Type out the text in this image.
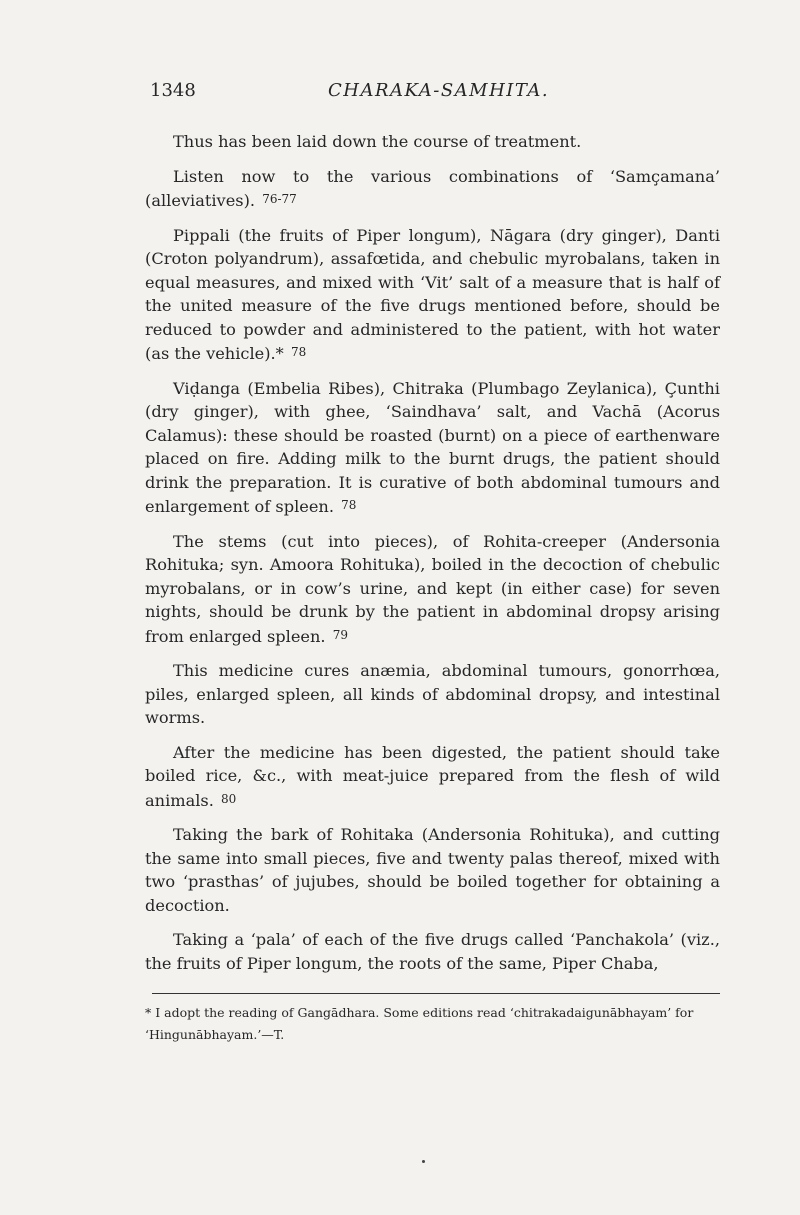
1348	CHARAKA-SAMHITA.

Thus has been laid down the course of treatment.

Listen now to the various combinations of ‘Samçamana’ (alleviatives). 76-77

Pippali (the fruits of Piper longum), Nāgara (dry ginger), Danti (Croton polyandrum), assafœtida, and chebulic myrobalans, taken in equal measures, and mixed with ‘Vit’ salt of a measure that is half of the united measure of the five drugs mentioned before, should be reduced to powder and administered to the patient, with hot water (as the vehicle).* 78

Viḍanga (Embelia Ribes), Chitraka (Plumbago Zeylanica), Çunthi (dry ginger), with ghee, ‘Saindhava’ salt, and Vachā (Acorus Calamus): these should be roasted (burnt) on a piece of earthenware placed on fire. Adding milk to the burnt drugs, the patient should drink the preparation. It is curative of both abdominal tumours and enlargement of spleen. 78

The stems (cut into pieces), of Rohita-creeper (Andersonia Rohituka; syn. Amoora Rohituka), boiled in the decoction of chebulic myrobalans, or in cow’s urine, and kept (in either case) for seven nights, should be drunk by the patient in abdominal dropsy arising from enlarged spleen. 79

This medicine cures anæmia, abdominal tumours, gonorrhœa, piles, enlarged spleen, all kinds of abdominal dropsy, and intestinal worms.

After the medicine has been digested, the patient should take boiled rice, &c., with meat-juice prepared from the flesh of wild animals. 80

Taking the bark of Rohitaka (Andersonia Rohituka), and cutting the same into small pieces, five and twenty palas thereof, mixed with two ‘prasthas’ of jujubes, should be boiled together for obtaining a decoction.

Taking a ‘pala’ of each of the five drugs called ‘Panchakola’ (viz., the fruits of Piper longum, the roots of the same, Piper Chaba,

* I adopt the reading of Gangādhara. Some editions read ‘chitrakadaigunābhayam’ for ‘Hingunābhayam.’—T.
